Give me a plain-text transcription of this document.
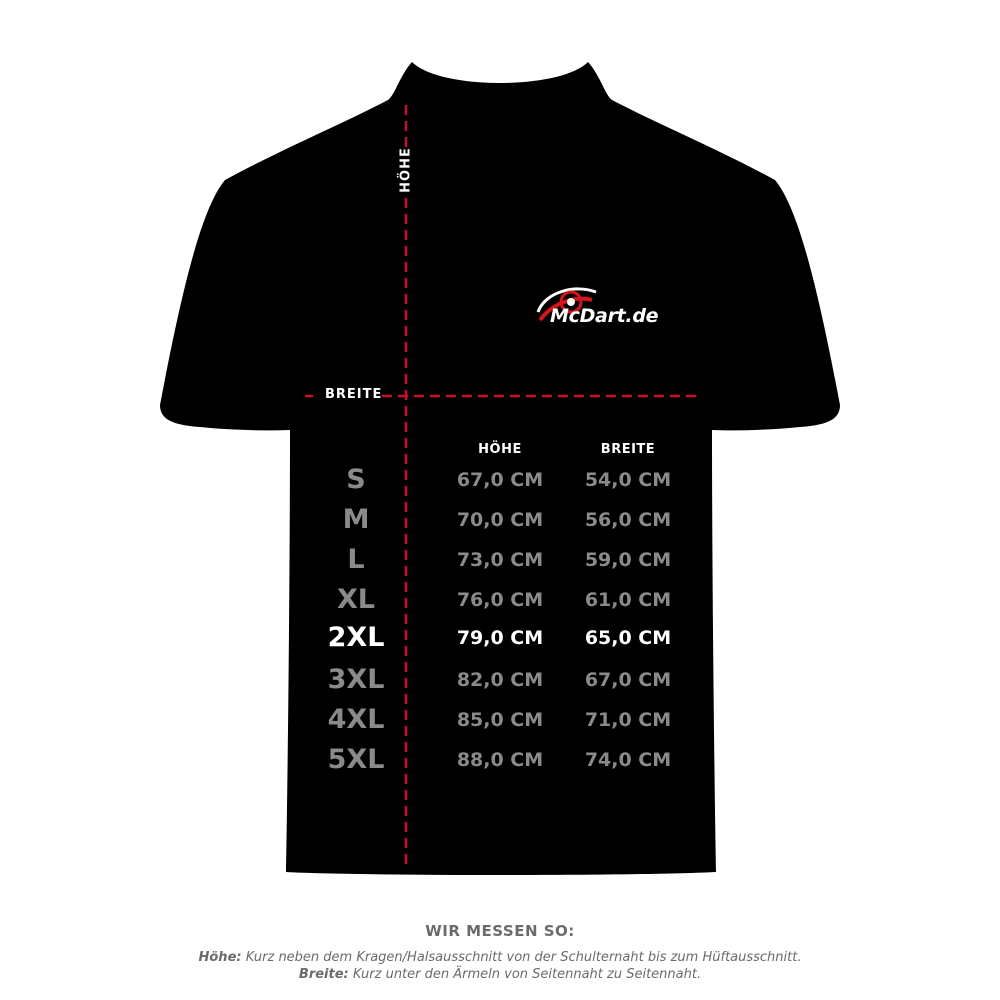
HÖHE
BREITE
McDart.de
HÖHE	BREITE
S	67,0 CM	54,0 CM
M	70,0 CM	56,0 CM
L	73,0 CM	59,0 CM
XL	76,0 CM	61,0 CM
2XL	79,0 CM	65,0 CM
3XL	82,0 CM	67,0 CM
4XL	85,0 CM	71,0 CM
5XL	88,0 CM	74,0 CM
WIR MESSEN SO:
Höhe: Kurz neben dem Kragen/Halsausschnitt von der Schulternaht bis zum Hüftausschnitt.
Breite: Kurz unter den Ärmeln von Seitennaht zu Seitennaht.
